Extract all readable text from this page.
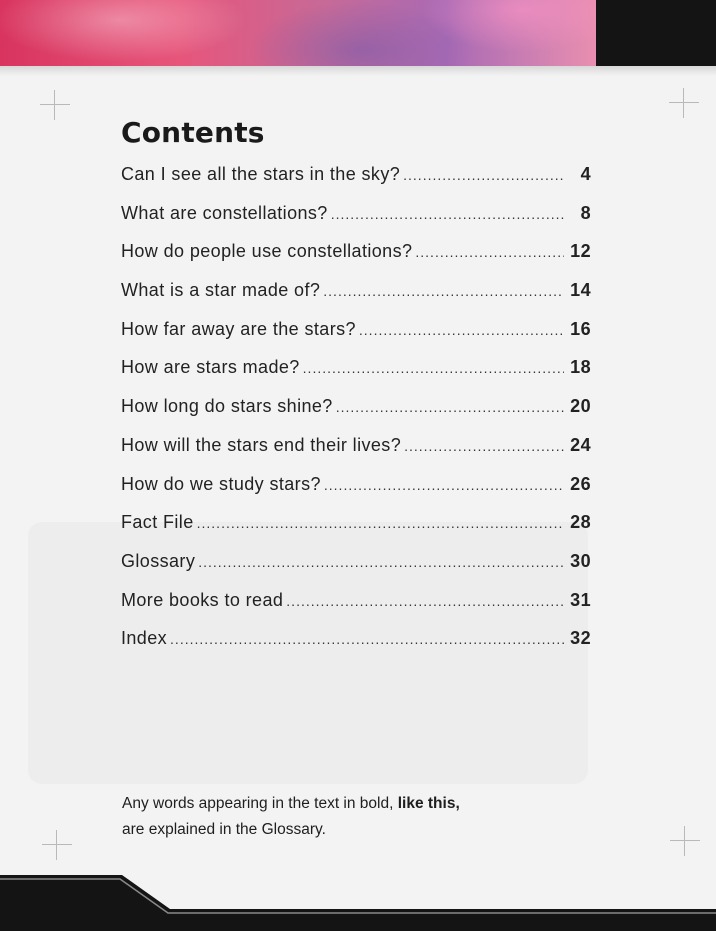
Contents
Can I see all the stars in the sky? .....	4
What are constellations? .....	8
How do people use constellations? .....	12
What is a star made of? .....	14
How far away are the stars? .....	16
How are stars made? .....	18
How long do stars shine? .....	20
How will the stars end their lives? .....	24
How do we study stars? .....	26
Fact File .....	28
Glossary .....	30
More books to read .....	31
Index .....	32
Any words appearing in the text in bold, like this,
are explained in the Glossary.
